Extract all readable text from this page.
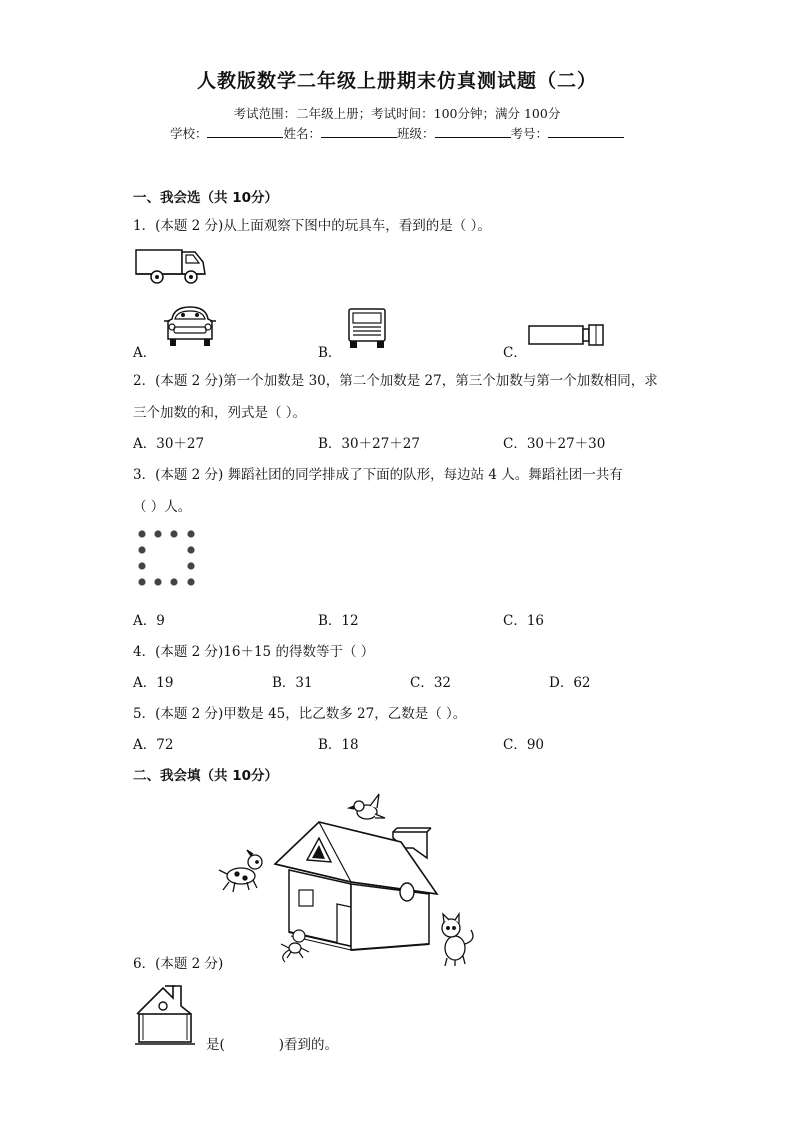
人教版数学二年级上册期末仿真测试题（二）
考试范围：二年级上册；考试时间：100分钟；满分 100分
学校：	姓名：	班级：	考号：
一、我会选（共 10分）
1．(本题 2 分)从上面观察下图中的玩具车，看到的是（ ）。
A．	B．	C．
2．(本题 2 分)第一个加数是 30，第二个加数是 27，第三个加数与第一个加数相同，求
三个加数的和，列式是（ ）。
A．30＋27	B．30＋27＋27	C．30＋27＋30
3．(本题 2 分) 舞蹈社团的同学排成了下面的队形，每边站 4 人。舞蹈社团一共有
（ ）人。
A．9	B．12	C．16
4．(本题 2 分)16＋15 的得数等于（ ）
A．19	B．31	C．32	D．62
5．(本题 2 分)甲数是 45，比乙数多 27，乙数是（ ）。
A．72	B．18	C．90
二、我会填（共 10分）
6．(本题 2 分)
是(	)看到的。
